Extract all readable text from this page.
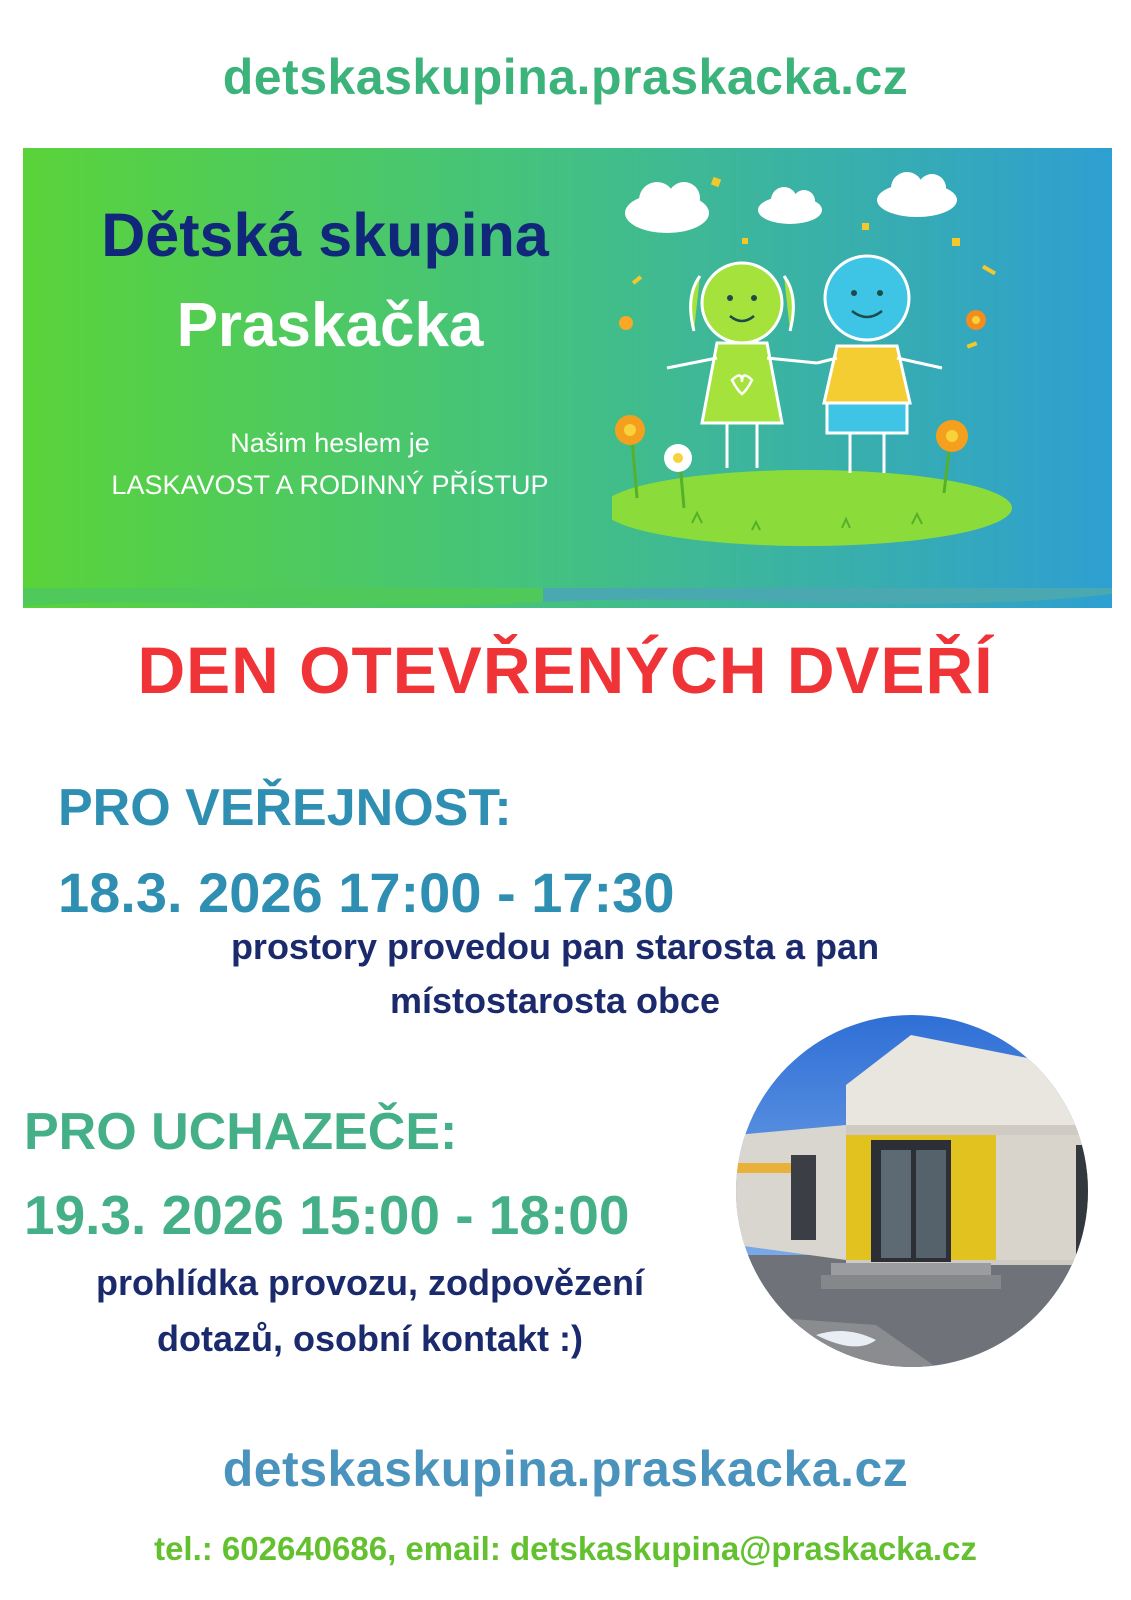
detskaskupina.praskacka.cz
Dětská skupina
Praskačka
Našim heslem je
LASKAVOST A RODINNÝ PŘÍSTUP
DEN OTEVŘENÝCH DVEŘÍ
PRO VEŘEJNOST:
18.3. 2026 17:00 - 17:30
prostory provedou pan starosta a pan
místostarosta obce
PRO UCHAZEČE:
19.3. 2026 15:00 - 18:00
prohlídka provozu, zodpovězení
dotazů, osobní kontakt :)
detskaskupina.praskacka.cz
tel.: 602640686, email: detskaskupina@praskacka.cz
